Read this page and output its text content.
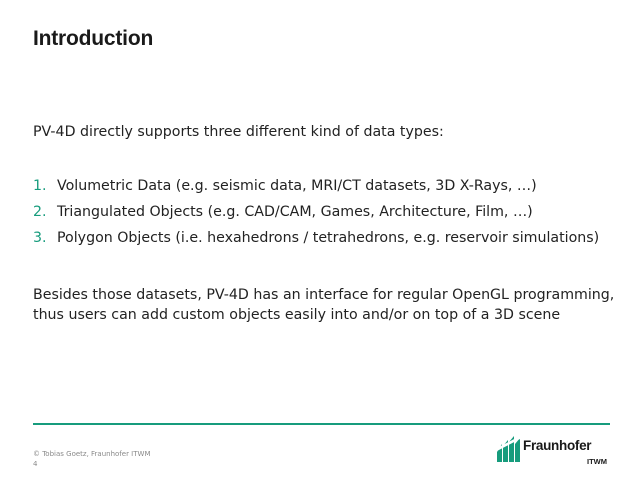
Introduction

PV-4D directly supports three different kind of data types:

1. Volumetric Data (e.g. seismic data, MRI/CT datasets, 3D X-Rays, …)
2. Triangulated Objects (e.g. CAD/CAM, Games, Architecture, Film, …)
3. Polygon Objects (i.e. hexahedrons / tetrahedrons, e.g. reservoir simulations)

Besides those datasets, PV-4D has an interface for regular OpenGL programming,
thus users can add custom objects easily into and/or on top of a 3D scene

© Tobias Goetz, Fraunhofer ITWM
4
Fraunhofer
ITWM
